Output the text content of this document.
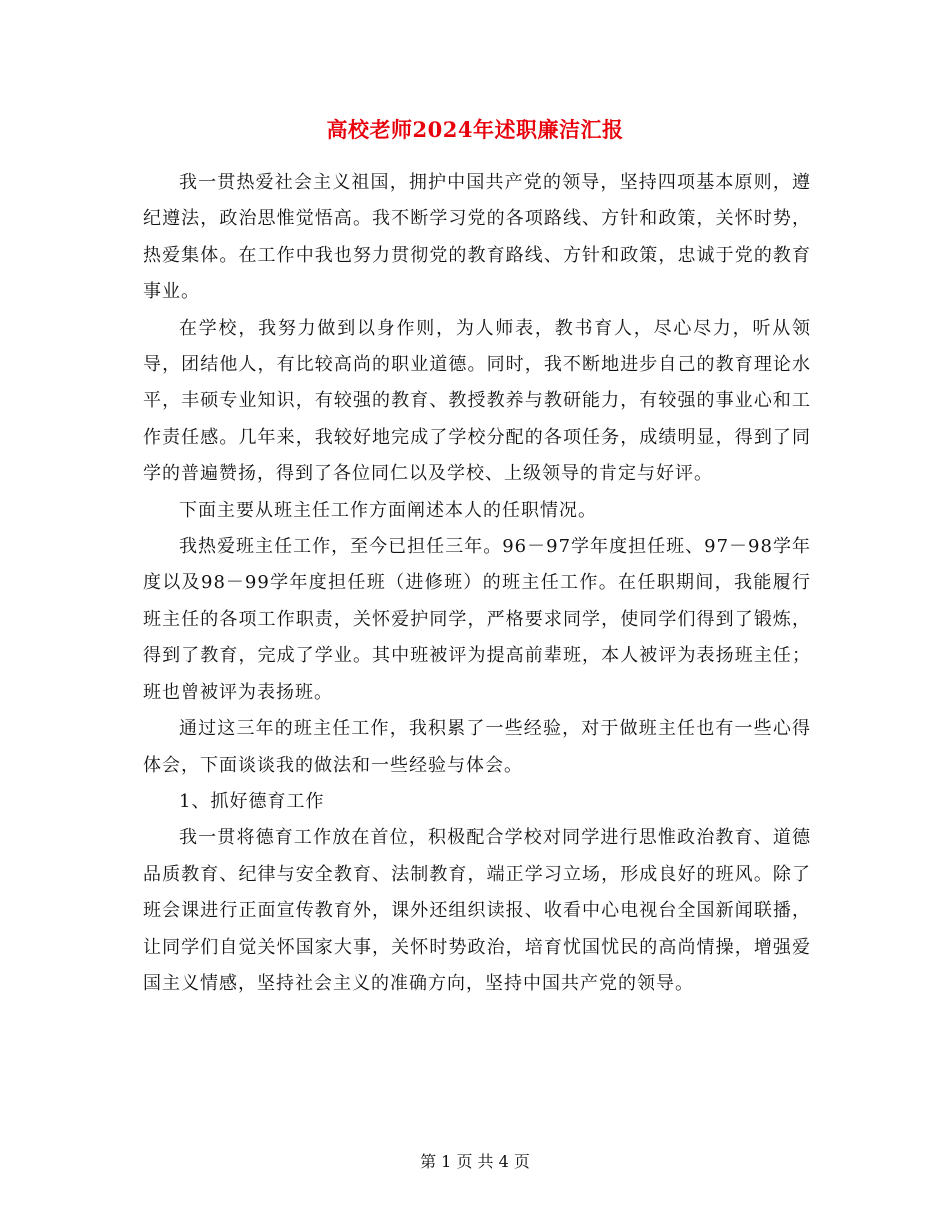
高校老师2024年述职廉洁汇报

我一贯热爱社会主义祖国，拥护中国共产党的领导，坚持四项基本原则，遵纪遵法，政治思惟觉悟高。我不断学习党的各项路线、方针和政策，关怀时势，热爱集体。在工作中我也努力贯彻党的教育路线、方针和政策，忠诚于党的教育事业。

在学校，我努力做到以身作则，为人师表，教书育人，尽心尽力，听从领导，团结他人，有比较高尚的职业道德。同时，我不断地进步自己的教育理论水平，丰硕专业知识，有较强的教育、教授教养与教研能力，有较强的事业心和工作责任感。几年来，我较好地完成了学校分配的各项任务，成绩明显，得到了同学的普遍赞扬，得到了各位同仁以及学校、上级领导的肯定与好评。

下面主要从班主任工作方面阐述本人的任职情况。

我热爱班主任工作，至今已担任三年。96－97学年度担任班、97－98学年度以及98－99学年度担任班（进修班）的班主任工作。在任职期间，我能履行班主任的各项工作职责，关怀爱护同学，严格要求同学，使同学们得到了锻炼，得到了教育，完成了学业。其中班被评为提高前辈班，本人被评为表扬班主任；班也曾被评为表扬班。

通过这三年的班主任工作，我积累了一些经验，对于做班主任也有一些心得体会，下面谈谈我的做法和一些经验与体会。

1、抓好德育工作

我一贯将德育工作放在首位，积极配合学校对同学进行思惟政治教育、道德品质教育、纪律与安全教育、法制教育，端正学习立场，形成良好的班风。除了班会课进行正面宣传教育外，课外还组织读报、收看中心电视台全国新闻联播，让同学们自觉关怀国家大事，关怀时势政治，培育忧国忧民的高尚情操，增强爱国主义情感，坚持社会主义的准确方向，坚持中国共产党的领导。

第 1 页 共 4 页
